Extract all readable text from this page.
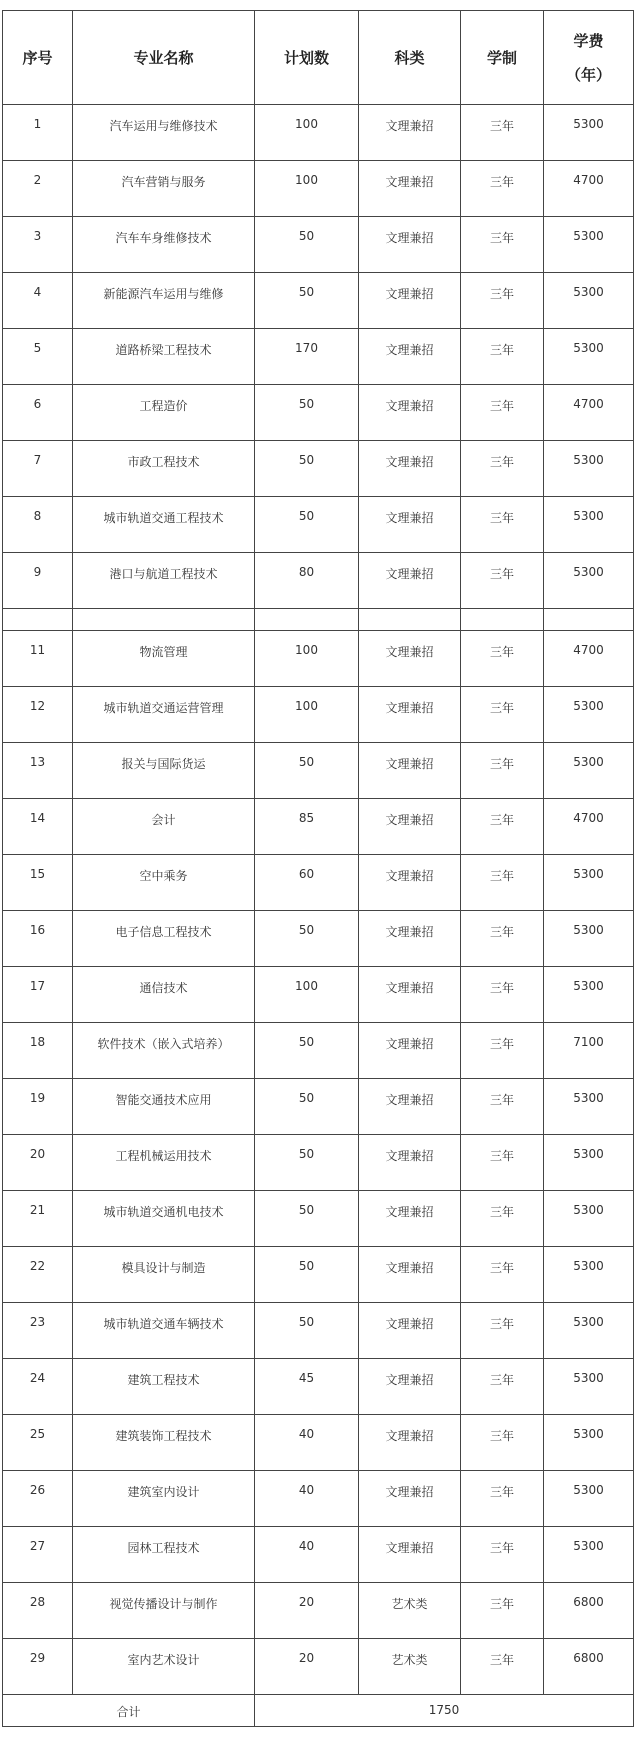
序号	专业名称	计划数	科类	学制	学费
（年）

1	汽车运用与维修技术	100	文理兼招	三年	5300
2	汽车营销与服务	100	文理兼招	三年	4700
3	汽车车身维修技术	50	文理兼招	三年	5300
4	新能源汽车运用与维修	50	文理兼招	三年	5300
5	道路桥梁工程技术	170	文理兼招	三年	5300
6	工程造价	50	文理兼招	三年	4700
7	市政工程技术	50	文理兼招	三年	5300
8	城市轨道交通工程技术	50	文理兼招	三年	5300
9	港口与航道工程技术	80	文理兼招	三年	5300

11	物流管理	100	文理兼招	三年	4700
12	城市轨道交通运营管理	100	文理兼招	三年	5300
13	报关与国际货运	50	文理兼招	三年	5300
14	会计	85	文理兼招	三年	4700
15	空中乘务	60	文理兼招	三年	5300
16	电子信息工程技术	50	文理兼招	三年	5300
17	通信技术	100	文理兼招	三年	5300
18	软件技术（嵌入式培养）	50	文理兼招	三年	7100
19	智能交通技术应用	50	文理兼招	三年	5300
20	工程机械运用技术	50	文理兼招	三年	5300
21	城市轨道交通机电技术	50	文理兼招	三年	5300
22	模具设计与制造	50	文理兼招	三年	5300
23	城市轨道交通车辆技术	50	文理兼招	三年	5300
24	建筑工程技术	45	文理兼招	三年	5300
25	建筑装饰工程技术	40	文理兼招	三年	5300
26	建筑室内设计	40	文理兼招	三年	5300
27	园林工程技术	40	文理兼招	三年	5300
28	视觉传播设计与制作	20	艺术类	三年	6800
29	室内艺术设计	20	艺术类	三年	6800
合计		1750			
